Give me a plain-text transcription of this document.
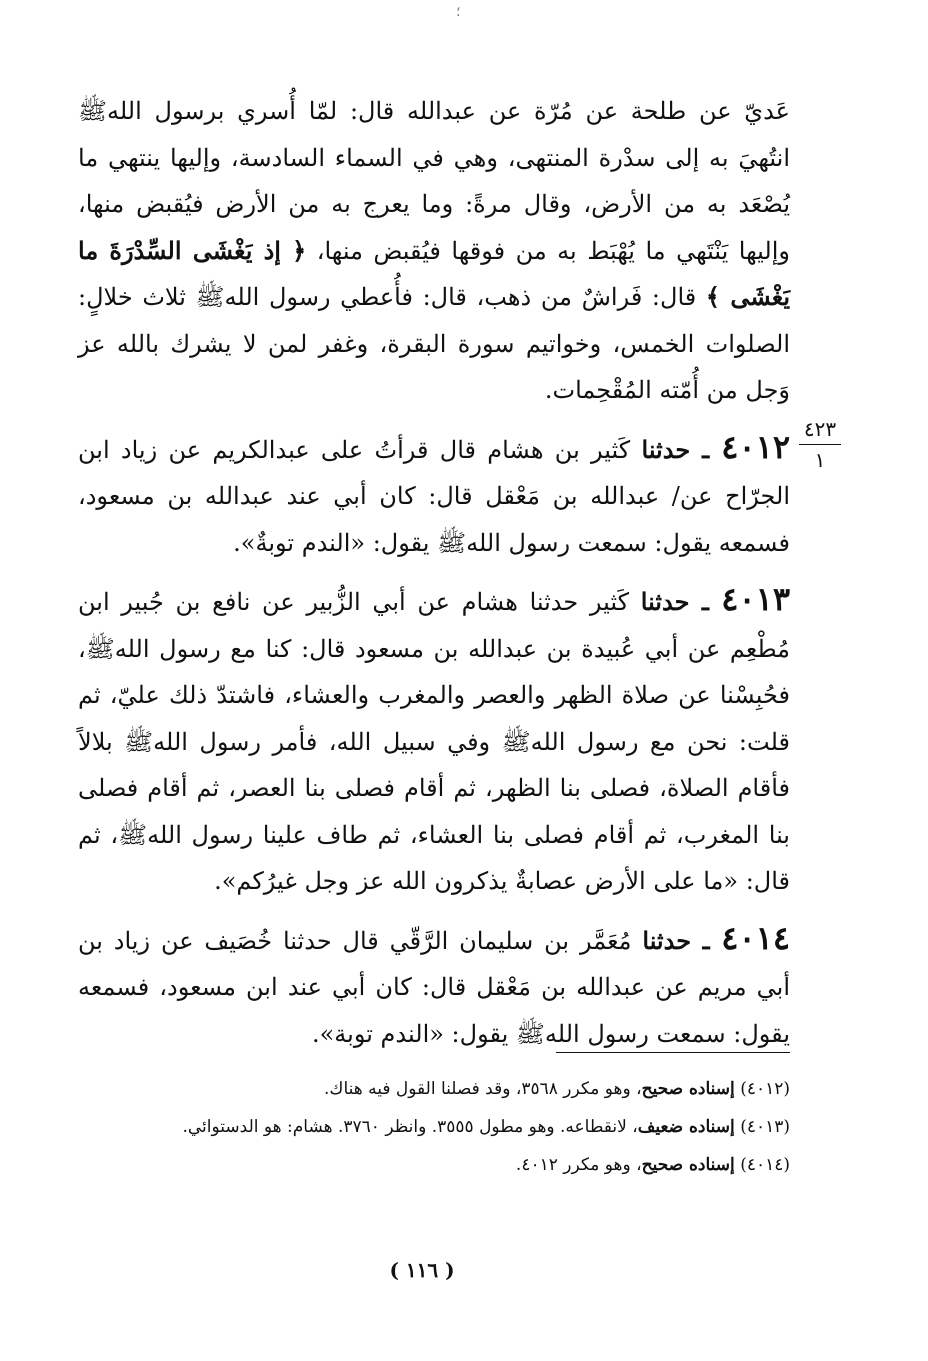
؛

عَديّ عن طلحة عن مُرّة عن عبدالله قال: لمّا أُسري برسول اللهﷺ انتُهيَ به إلى سدْرة المنتهى، وهي في السماء السادسة، وإليها ينتهي ما يُصْعَد به من الأرض، وقال مرةً: وما يعرج به من الأرض فيُقبض منها، وإليها يَنْتَهي ما يُهْبَط به من فوقها فيُقبض منها، ﴿ إذ يَغْشَى السِّدْرَةَ ما يَغْشَى ﴾ قال: فَراشٌ من ذهب، قال: فأُعطي رسول اللهﷺ ثلاث خلالٍ: الصلوات الخمس، وخواتيم سورة البقرة، وغفر لمن لا يشرك بالله عز وَجل من أُمّته المُقْحِمات.

٤٠١٢ ـ حدثنا كَثير بن هشام قال قرأتُ على عبدالكريم عن زياد ابن الجرّاح عن/ عبدالله بن مَعْقل قال: كان أبي عند عبدالله بن مسعود، فسمعه يقول: سمعت رسول اللهﷺ يقول: «الندم توبةٌ».

٤٠١٣ ـ حدثنا كَثير حدثنا هشام عن أبي الزُّبير عن نافع بن جُبير ابن مُطْعِم عن أبي عُبيدة بن عبدالله بن مسعود قال: كنا مع رسول اللهﷺ، فحُبِسْنا عن صلاة الظهر والعصر والمغرب والعشاء، فاشتدّ ذلك عليّ، ثم قلت: نحن مع رسول اللهﷺ وفي سبيل الله، فأمر رسول اللهﷺ بلالاً فأقام الصلاة، فصلى بنا الظهر، ثم أقام فصلى بنا العصر، ثم أقام فصلى بنا المغرب، ثم أقام فصلى بنا العشاء، ثم طاف علينا رسول اللهﷺ، ثم قال: «ما على الأرض عصابةٌ يذكرون الله عز وجل غيرُكم».

٤٠١٤ ـ حدثنا مُعَمَّر بن سليمان الرَّقّي قال حدثنا خُصَيف عن زياد بن أبي مريم عن عبدالله بن مَعْقل قال: كان أبي عند ابن مسعود، فسمعه يقول: سمعت رسول اللهﷺ يقول: «الندم توبة».

٤٢٣
١

(٤٠١٢) إسناده صحيح، وهو مكرر ٣٥٦٨، وقد فصلنا القول فيه هناك.

(٤٠١٣) إسناده ضعيف، لانقطاعه. وهو مطول ٣٥٥٥. وانظر ٣٧٦٠. هشام: هو الدستوائي.

(٤٠١٤) إسناده صحيح، وهو مكرر ٤٠١٢.

( ١١٦ )
